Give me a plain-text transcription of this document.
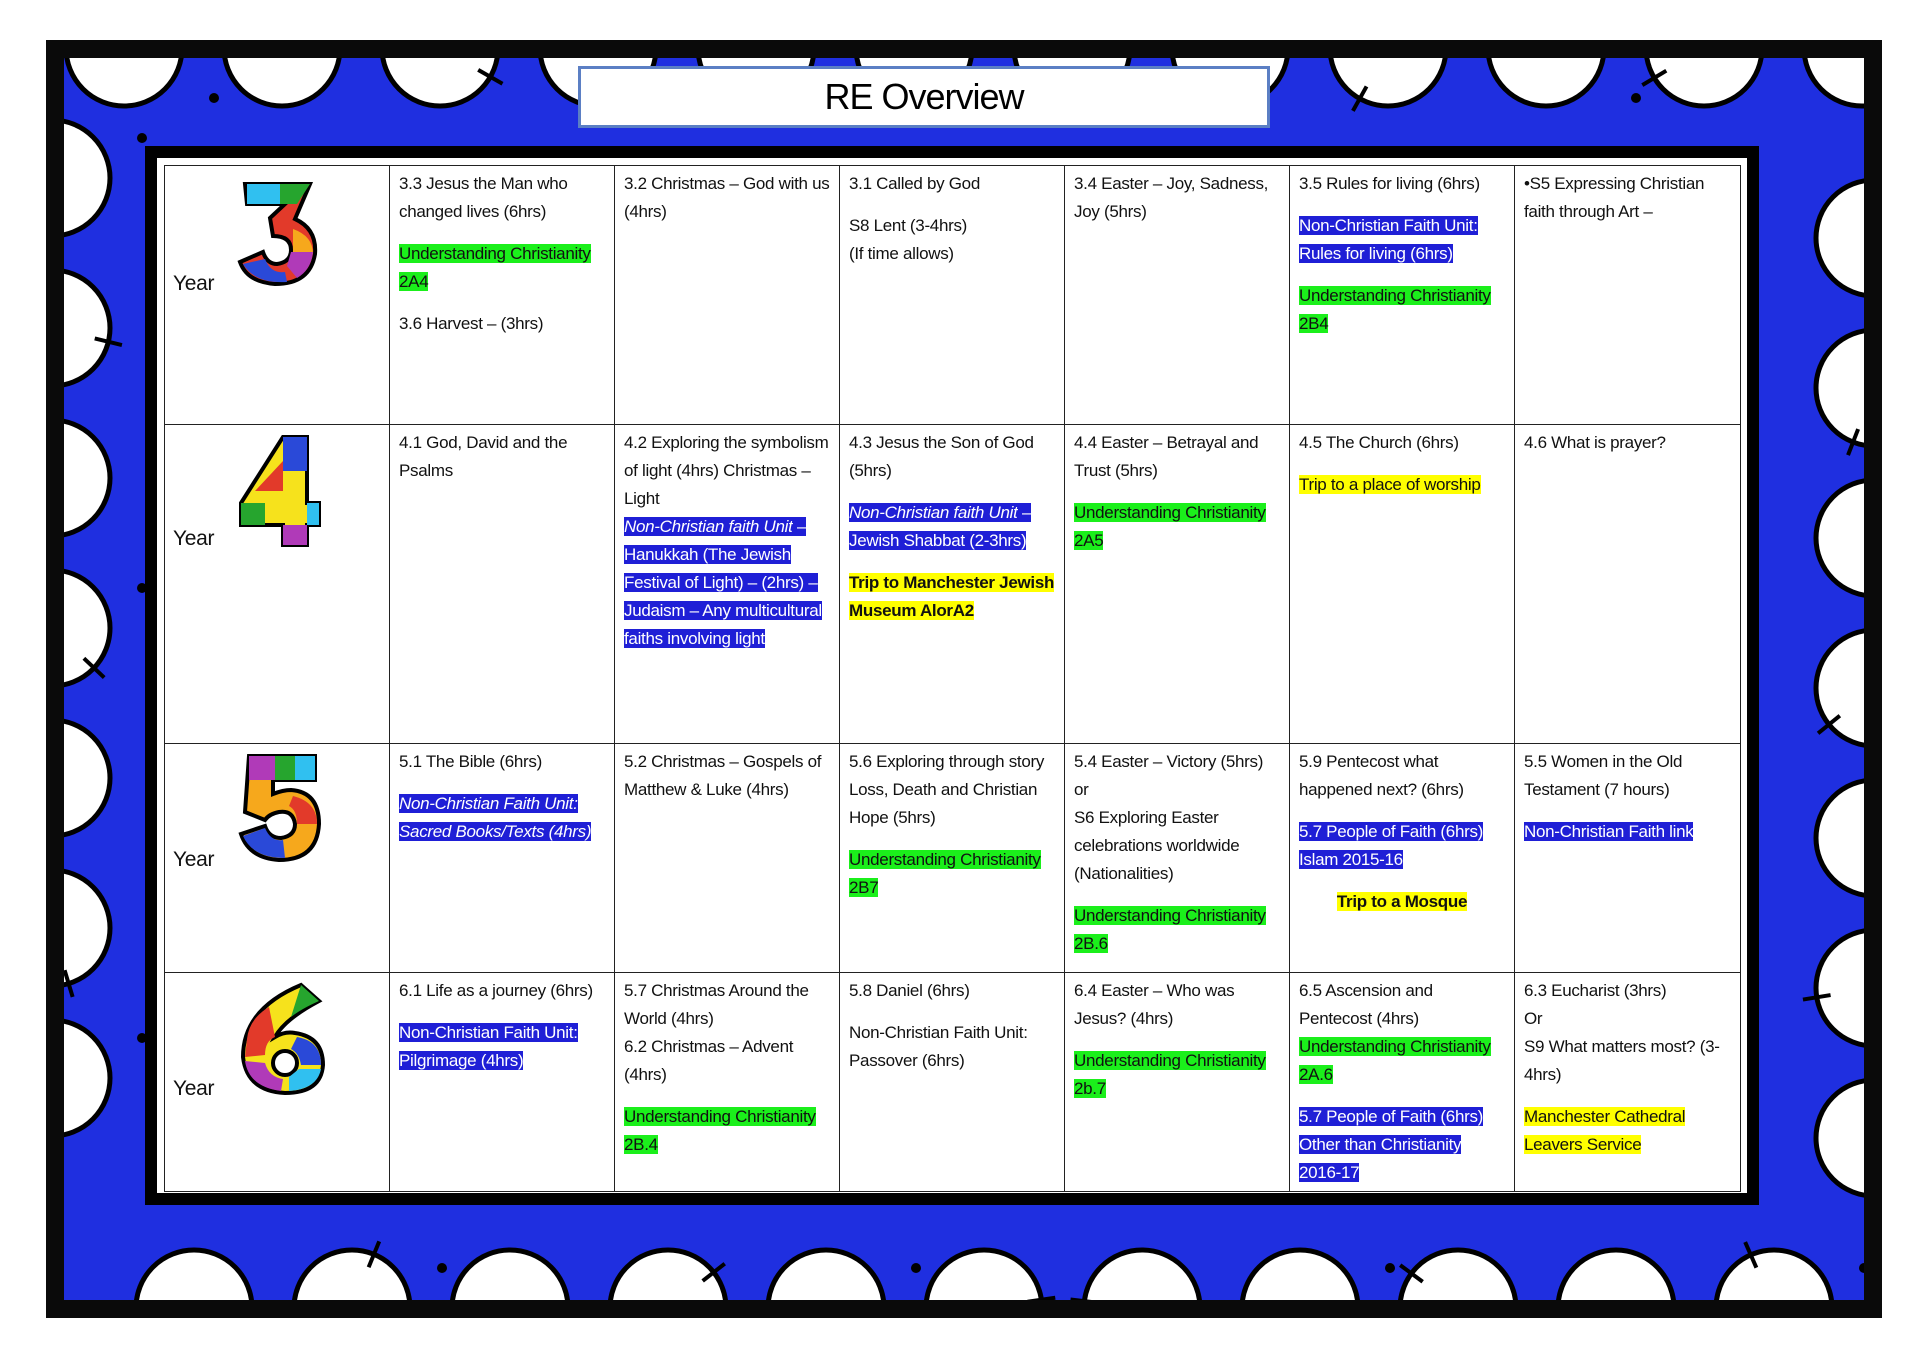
RE Overview
Year	3.3 Jesus the Man who changed lives (6hrs)
Understanding Christianity 2A4
3.6 Harvest – (3hrs)	3.2 Christmas – God with us (4hrs)	3.1 Called by God
S8 Lent (3-4hrs)
(If time allows)	3.4 Easter – Joy, Sadness, Joy (5hrs)	3.5 Rules for living (6hrs)
Non-Christian Faith Unit: Rules for living (6hrs)
Understanding Christianity 2B4	•S5 Expressing Christian faith through Art –

Year	4.1 God, David and the Psalms	4.2 Exploring the symbolism of light (4hrs) Christmas – Light
Non-Christian faith Unit – Hanukkah (The Jewish Festival of Light) – (2hrs) – Judaism – Any multicultural faiths involving light	4.3 Jesus the Son of God (5hrs)
Non-Christian faith Unit – Jewish Shabbat (2-3hrs)
Trip to Manchester Jewish Museum AlorA2	4.4 Easter – Betrayal and Trust (5hrs)
Understanding Christianity 2A5	4.5 The Church (6hrs)
Trip to a place of worship	4.6 What is prayer?

Year	5.1 The Bible (6hrs)
Non-Christian Faith Unit: Sacred Books/Texts (4hrs)	5.2 Christmas – Gospels of Matthew & Luke (4hrs)	5.6 Exploring through story Loss, Death and Christian Hope (5hrs)
Understanding Christianity 2B7	5.4 Easter – Victory (5hrs) or
S6 Exploring Easter celebrations worldwide (Nationalities)
Understanding Christianity 2B.6	5.9 Pentecost what happened next? (6hrs)
5.7 People of Faith (6hrs) Islam 2015-16
Trip to a Mosque	5.5 Women in the Old Testament (7 hours)
Non-Christian Faith link

Year	6.1 Life as a journey (6hrs)
Non-Christian Faith Unit: Pilgrimage (4hrs)	5.7 Christmas Around the World (4hrs)
6.2 Christmas – Advent (4hrs)
Understanding Christianity 2B.4	5.8 Daniel (6hrs)
Non-Christian Faith Unit: Passover (6hrs)	6.4 Easter – Who was Jesus? (4hrs)
Understanding Christianity 2b.7	6.5 Ascension and Pentecost (4hrs)
Understanding Christianity 2A.6
5.7 People of Faith (6hrs) Other than Christianity 2016-17	6.3 Eucharist (3hrs)
Or
S9 What matters most? (3-4hrs)
Manchester Cathedral Leavers Service
